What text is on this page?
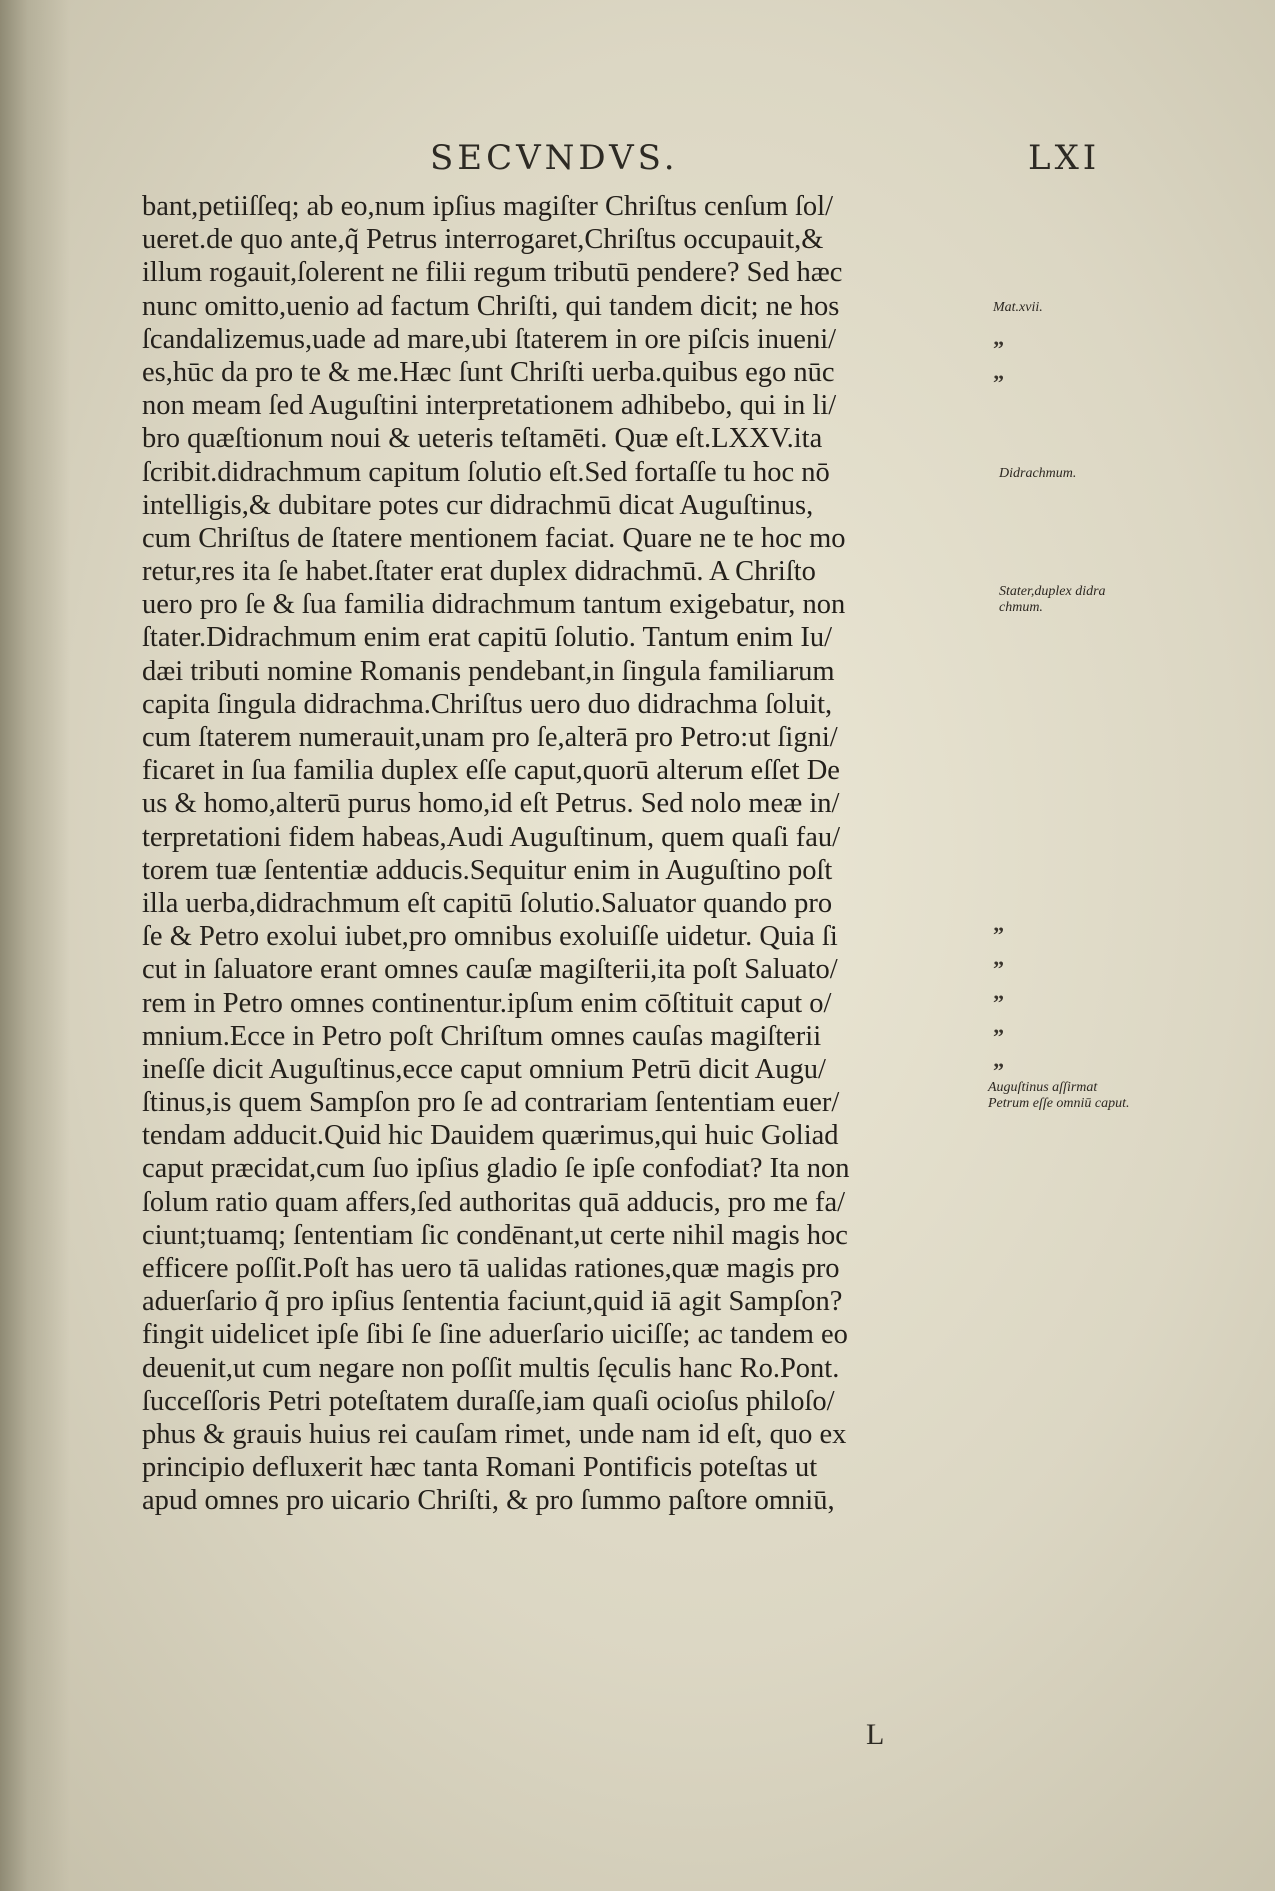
SECVNDVS.	LXI
bant,petiiſſeq; ab eo,num ipſius magiſter Chriſtus cenſum ſol/
ueret.de quo ante,q̃ Petrus interrogaret,Chriſtus occupauit,&
illum rogauit,ſolerent ne filii regum tributū pendere? Sed hæc
nunc omitto,uenio ad factum Chriſti, qui tandem dicit; ne hos
ſcandalizemus,uade ad mare,ubi ſtaterem in ore piſcis inueni/
es,hūc da pro te & me.Hæc ſunt Chriſti uerba.quibus ego nūc
non meam ſed Auguſtini interpretationem adhibebo, qui in li/
bro quæſtionum noui & ueteris teſtamēti. Quæ eſt.LXXV.ita
ſcribit.didrachmum capitum ſolutio eſt.Sed fortaſſe tu hoc nō
intelligis,& dubitare potes cur didrachmū dicat Auguſtinus,
cum Chriſtus de ſtatere mentionem faciat. Quare ne te hoc mo
retur,res ita ſe habet.ſtater erat duplex didrachmū. A Chriſto
uero pro ſe & ſua familia didrachmum tantum exigebatur, non
ſtater.Didrachmum enim erat capitū ſolutio. Tantum enim Iu/
dæi tributi nomine Romanis pendebant,in ſingula familiarum
capita ſingula didrachma.Chriſtus uero duo didrachma ſoluit,
cum ſtaterem numerauit,unam pro ſe,alterā pro Petro:ut ſigni/
ficaret in ſua familia duplex eſſe caput,quorū alterum eſſet De
us & homo,alterū purus homo,id eſt Petrus. Sed nolo meæ in/
terpretationi fidem habeas,Audi Auguſtinum, quem quaſi fau/
torem tuæ ſententiæ adducis.Sequitur enim in Auguſtino poſt
illa uerba,didrachmum eſt capitū ſolutio.Saluator quando pro
ſe & Petro exolui iubet,pro omnibus exoluiſſe uidetur. Quia ſi
cut in ſaluatore erant omnes cauſæ magiſterii,ita poſt Saluato/
rem in Petro omnes continentur.ipſum enim cōſtituit caput o/
mnium.Ecce in Petro poſt Chriſtum omnes cauſas magiſterii
ineſſe dicit Auguſtinus,ecce caput omnium Petrū dicit Augu/
ſtinus,is quem Sampſon pro ſe ad contrariam ſententiam euer/
tendam adducit.Quid hic Dauidem quærimus,qui huic Goliad
caput præcidat,cum ſuo ipſius gladio ſe ipſe confodiat? Ita non
ſolum ratio quam affers,ſed authoritas quā adducis, pro me fa/
ciunt;tuamq; ſententiam ſic condēnant,ut certe nihil magis hoc
efficere poſſit.Poſt has uero tā ualidas rationes,quæ magis pro
aduerſario q̃ pro ipſius ſententia faciunt,quid iā agit Sampſon?
fingit uidelicet ipſe ſibi ſe ſine aduerſario uiciſſe; ac tandem eo
deuenit,ut cum negare non poſſit multis ſęculis hanc Ro.Pont.
ſucceſſoris Petri poteſtatem duraſſe,iam quaſi ocioſus philoſo/
phus & grauis huius rei cauſam rimet, unde nam id eſt, quo ex
principio defluxerit hæc tanta Romani Pontificis poteſtas ut
apud omnes pro uicario Chriſti, & pro ſummo paſtore omniū,
Mat.xvii.
Didrachmum.
Stater,duplex didra chmum.
Auguſtinus aſſirmat Petrum eſſe omniū caput.
”
”
”
”
”
”
”
L
